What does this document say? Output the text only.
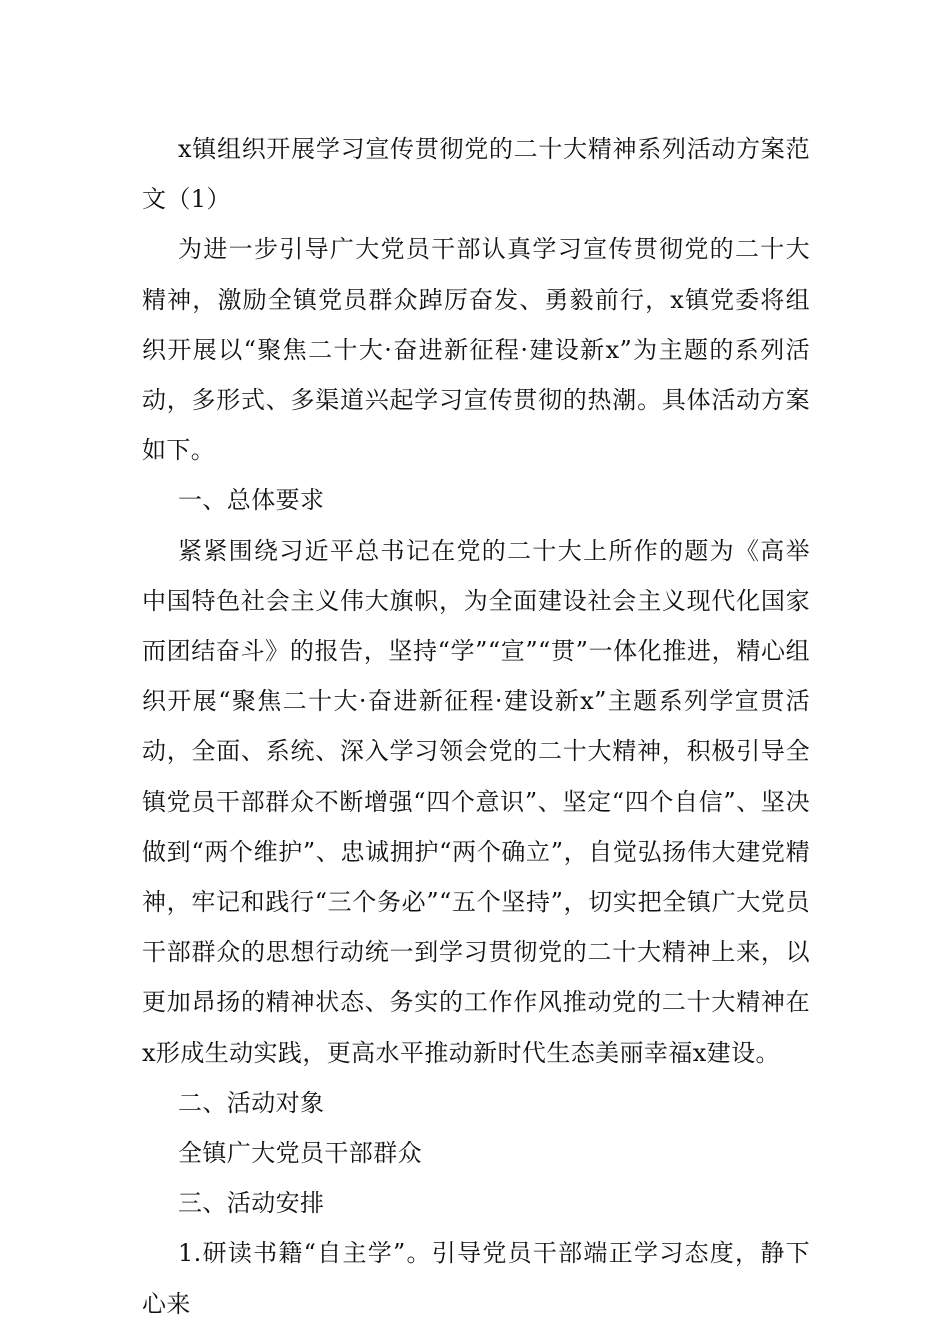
x镇组织开展学习宣传贯彻党的二十大精神系列活动方案范文（1）

为进一步引导广大党员干部认真学习宣传贯彻党的二十大精神，激励全镇党员群众踔厉奋发、勇毅前行，x镇党委将组织开展以“聚焦二十大·奋进新征程·建设新x”为主题的系列活动，多形式、多渠道兴起学习宣传贯彻的热潮。具体活动方案如下。

一、总体要求

紧紧围绕习近平总书记在党的二十大上所作的题为《高举中国特色社会主义伟大旗帜，为全面建设社会主义现代化国家而团结奋斗》的报告，坚持“学”“宣”“贯”一体化推进，精心组织开展“聚焦二十大·奋进新征程·建设新x”主题系列学宣贯活动，全面、系统、深入学习领会党的二十大精神，积极引导全镇党员干部群众不断增强“四个意识”、坚定“四个自信”、坚决做到“两个维护”、忠诚拥护“两个确立”，自觉弘扬伟大建党精神，牢记和践行“三个务必”“五个坚持”，切实把全镇广大党员干部群众的思想行动统一到学习贯彻党的二十大精神上来，以更加昂扬的精神状态、务实的工作作风推动党的二十大精神在x形成生动实践，更高水平推动新时代生态美丽幸福x建设。

二、活动对象

全镇广大党员干部群众

三、活动安排

1.研读书籍“自主学”。引导党员干部端正学习态度，静下心来
